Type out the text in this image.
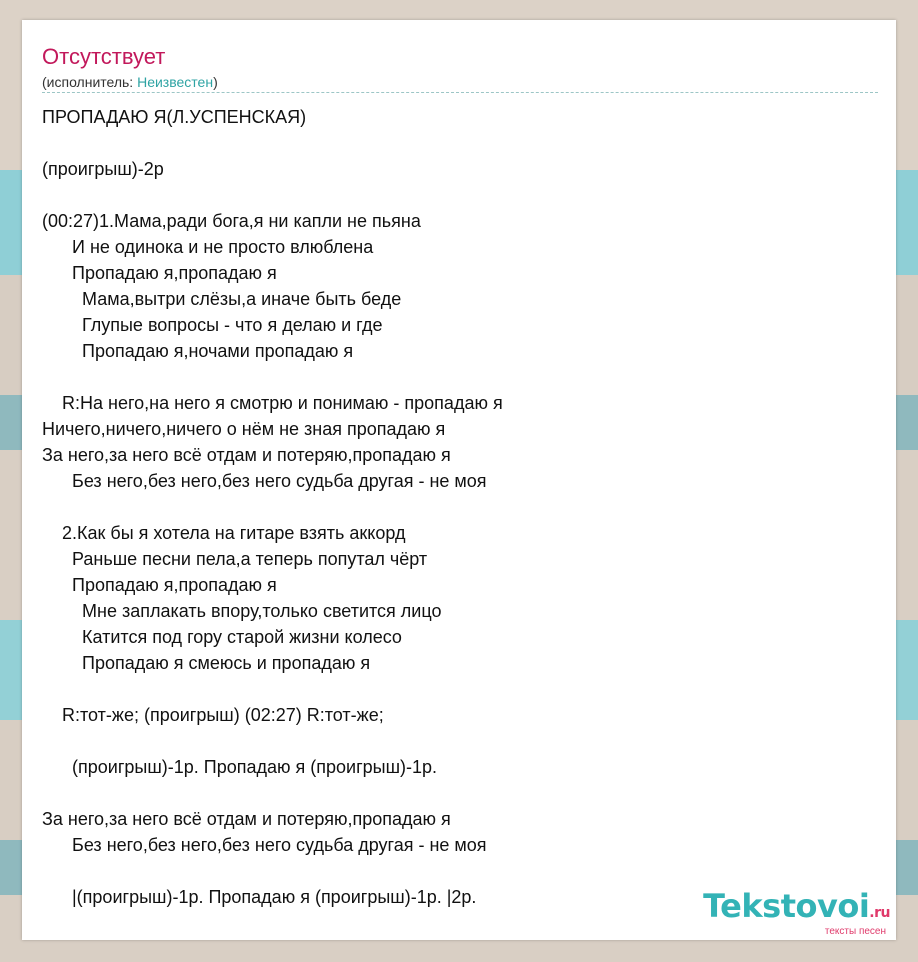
Отсутствует
(исполнитель: Неизвестен)
ПРОПАДАЮ Я(Л.УСПЕНСКАЯ)
(проигрыш)-2р
(00:27)1.Мама,ради бога,я ни капли не пьяна
И не одинока и не просто влюблена
Пропадаю я,пропадаю я
Мама,вытри слёзы,а иначе быть беде
Глупые вопросы - что я делаю и где
Пропадаю я,ночами пропадаю я
R:На него,на него я смотрю и понимаю - пропадаю я
Ничего,ничего,ничего о нём не зная пропадаю я
За него,за него всё отдам и потеряю,пропадаю я
Без него,без него,без него судьба другая - не моя
2.Как бы я хотела на гитаре взять аккорд
Раньше песни пела,а теперь попутал чёрт
Пропадаю я,пропадаю я
Мне заплакать впору,только светится лицо
Катится под гору старой жизни колесо
Пропадаю я смеюсь и пропадаю я
R:тот-же; (проигрыш) (02:27) R:тот-же;
(проигрыш)-1р. Пропадаю я (проигрыш)-1р.
За него,за него всё отдам и потеряю,пропадаю я
Без него,без него,без него судьба другая - не моя
|(проигрыш)-1р. Пропадаю я (проигрыш)-1р. |2р.	Tekstovoi.ru
тексты песен
